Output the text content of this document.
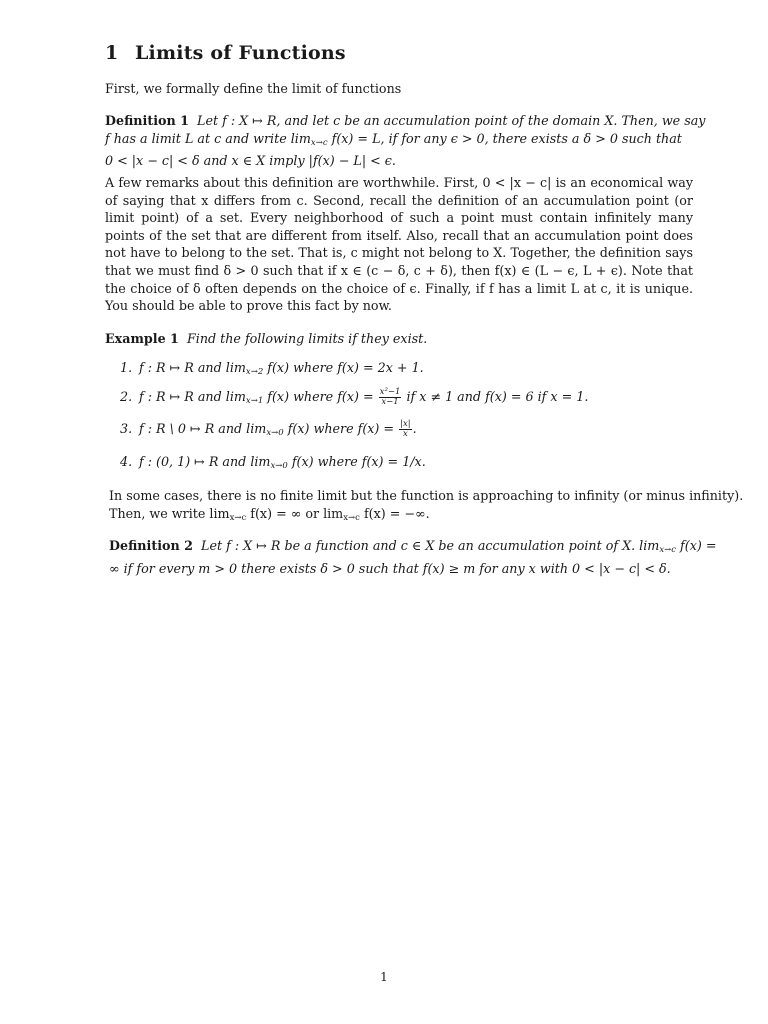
1 Limits of Functions

First, we formally define the limit of functions

Definition 1 Let f : X ↦ R, and let c be an accumulation point of the domain X. Then, we say
f has a limit L at c and write $\lim_{x\to c} f(x) = L$, if for any ϵ > 0, there exists a δ > 0 such that
0 < |x − c| < δ and x ∈ X imply |f(x) − L| < ϵ.

A few remarks about this definition are worthwhile. First, 0 < |x − c| is an economical way of saying that x differs from c. Second, recall the definition of an accumulation point (or limit point) of a set. Every neighborhood of such a point must contain infinitely many points of the set that are different from itself. Also, recall that an accumulation point does not have to belong to the set. That is, c might not belong to X. Together, the definition says that we must find δ > 0 such that if x ∈ (c − δ, c + δ), then f(x) ∈ (L − ϵ, L + ϵ). Note that the choice of δ often depends on the choice of ϵ. Finally, if f has a limit L at c, it is unique. You should be able to prove this fact by now.

Example 1 Find the following limits if they exist.
1. f : R ↦ R and $\lim_{x\to 2} f(x)$ where f(x) = 2x + 1.
2. f : R ↦ R and $\lim_{x\to 1} f(x)$ where $f(x) = \frac{\text{x²−1}}{x-1}$ if x ≠ 1 and f(x) = 6 if x = 1.
3. f : R \ 0 ↦ R and $\lim_{x\to 0} f(x)$ where $f(x) = \frac{|x|}{x}$ .
4. f : (0, 1) ↦ R and $\lim_{x\to 0} f(x)$ where f(x) = 1/x.
In some cases, there is no finite limit but the function is approaching to infinity (or minus infinity).
Then, we write $\lim_{x\to c} f(x)$ = ∞ or $\lim_{x\to c} f(x)$ = −∞.
Definition 2 Let f : X ↦ R be a function and c ∈ X be an accumulation point of X. $\lim_{x\to c} f(x)$ =
∞ if for every m > 0 there exists δ > 0 such that f(x) ≥ m for any x with 0 < |x − c| < δ.
1
